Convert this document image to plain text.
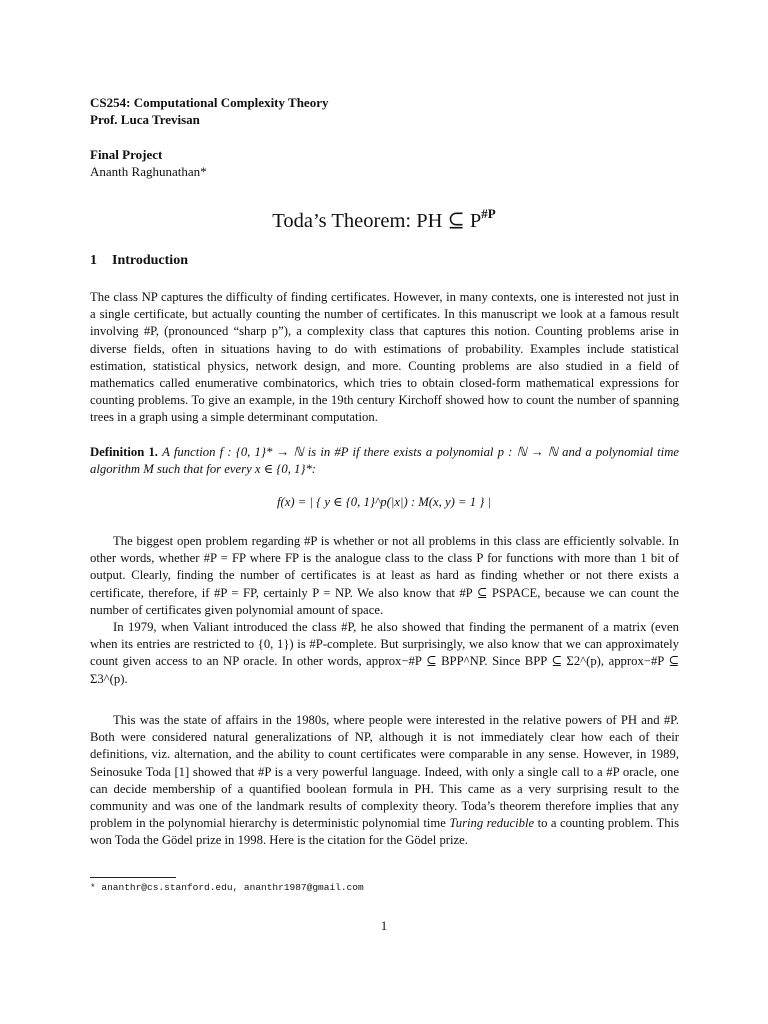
CS254: Computational Complexity Theory
Prof. Luca Trevisan
Final Project
Ananth Raghunathan*
Toda’s Theorem: PH ⊆ $P^{\#P}$
1 Introduction

The class NP captures the difficulty of finding certificates. However, in many contexts, one is interested not just in a single certificate, but actually counting the number of certificates. In this manuscript we look at a famous result involving #P, (pronounced “sharp p”), a complexity class that captures this notion. Counting problems arise in diverse fields, often in situations having to do with estimations of probability. Examples include statistical estimation, statistical physics, network design, and more. Counting problems are also studied in a field of mathematics called enumerative combinatorics, which tries to obtain closed-form mathematical expressions for counting problems. To give an example, in the 19th century Kirchoff showed how to count the number of spanning trees in a graph using a simple determinant computation.

Definition 1. A function f : {0, 1}* → ℕ is in #P if there exists a polynomial p : ℕ → ℕ and a polynomial time algorithm M such that for every x ∈ {0, 1}*:

f(x) = | { y ∈ {0, 1}^p(|x|) : M(x, y) = 1 } |

The biggest open problem regarding #P is whether or not all problems in this class are efficiently solvable. In other words, whether #P = FP where FP is the analogue class to the class P for functions with more than 1 bit of output. Clearly, finding the number of certificates is at least as hard as finding whether or not there exists a certificate, therefore, if #P = FP, certainly P = NP. We also know that #P ⊆ PSPACE, because we can count the number of certificates given polynomial amount of space.

In 1979, when Valiant introduced the class #P, he also showed that finding the permanent of a matrix (even when its entries are restricted to {0, 1}) is #P-complete. But surprisingly, we also know that we can approximately count given access to an NP oracle. In other words, approx−#P ⊆ BPP^NP. Since BPP ⊆ Σ2^(p), approx−#P ⊆ Σ3^(p).

This was the state of affairs in the 1980s, where people were interested in the relative powers of PH and #P. Both were considered natural generalizations of NP, although it is not immediately clear how each of their definitions, viz. alternation, and the ability to count certificates were comparable in any sense. However, in 1989, Seinosuke Toda [1] showed that #P is a very powerful language. Indeed, with only a single call to a #P oracle, one can decide membership of a quantified boolean formula in PH. This came as a very surprising result to the community and was one of the landmark results of complexity theory. Toda’s theorem therefore implies that any problem in the polynomial hierarchy is deterministic polynomial time Turing reducible to a counting problem. This won Toda the Gödel prize in 1998. Here is the citation for the Gödel prize.

* ananthr@cs.stanford.edu, ananthr1987@gmail.com
1
